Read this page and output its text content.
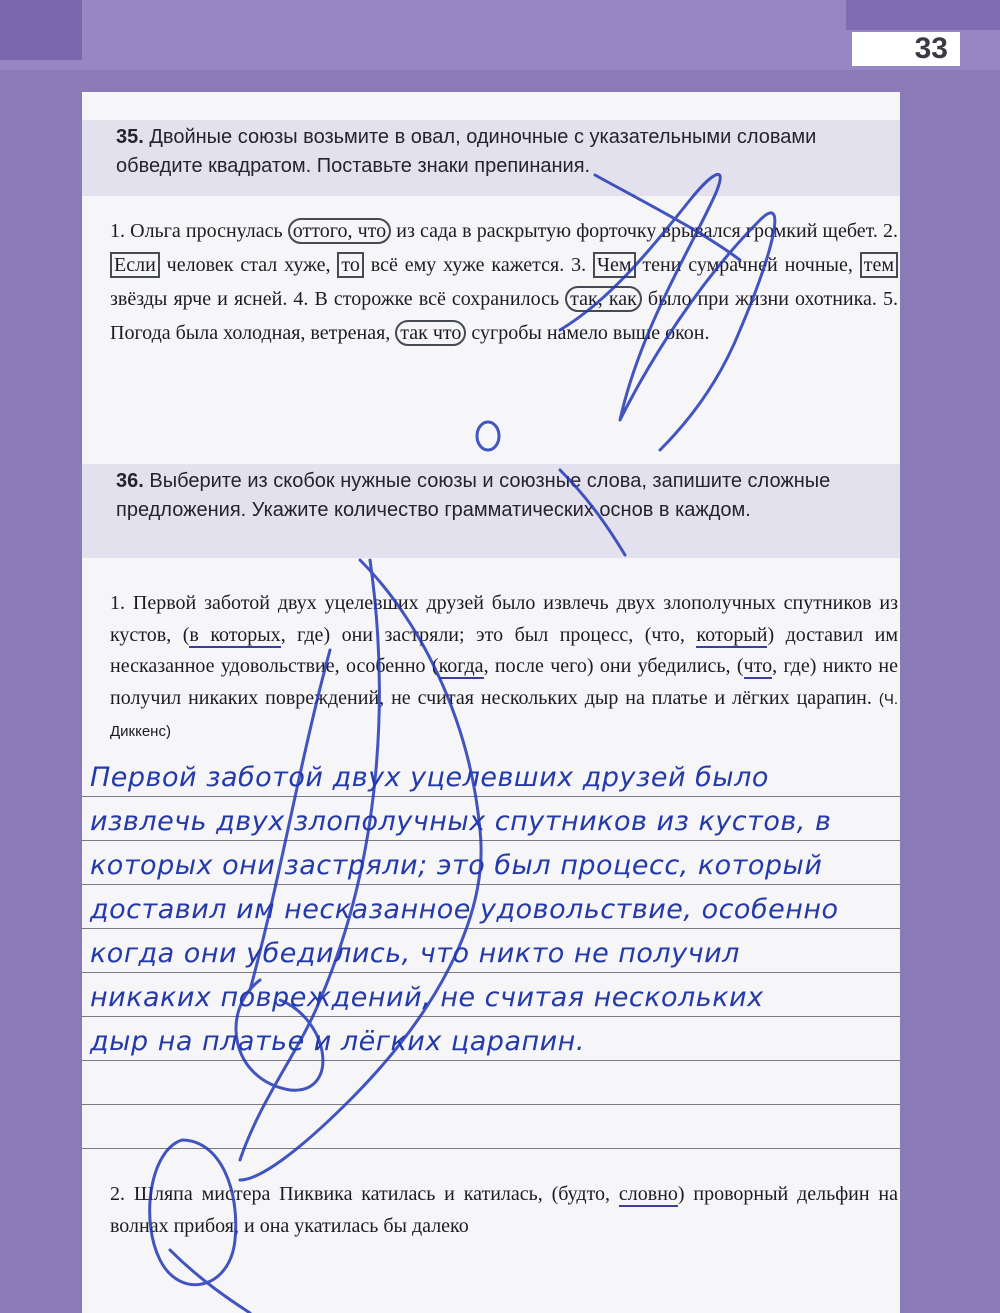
33

35. Двойные союзы возьмите в овал, одиночные с указательными словами обведите квадратом. Поставьте знаки препинания.

1. Ольга проснулась оттого, что из сада в раскрытую форточку врывался громкий щебет. 2. Если человек стал хуже, то всё ему хуже кажется. 3. Чем тени сумрачней ночные, тем звёзды ярче и ясней. 4. В сторожке всё сохранилось так, как было при жизни охотника. 5. Погода была холодная, ветреная, так что сугробы намело выше окон.

36. Выберите из скобок нужные союзы и союзные слова, запишите сложные предложения. Укажите количество грамматических основ в каждом.

1. Первой заботой двух уцелевших друзей было извлечь двух злополучных спутников из кустов, (в которых, где) они застряли; это был процесс, (что, который) доставил им несказанное удовольствие, особенно (когда, после чего) они убедились, (что, где) никто не получил никаких повреждений, не считая нескольких дыр на платье и лёгких царапин. (Ч. Диккенс)

Первой заботой двух уцелевших друзей было

извлечь двух злополучных спутников из кустов, в

которых они застряли; это был процесс, который

доставил им несказанное удовольствие, особенно

когда они убедились, что никто не получил

никаких повреждений, не считая нескольких

дыр на платье и лёгких царапин.

2. Шляпа мистера Пиквика катилась и катилась, (будто, словно) проворный дельфин на волнах прибоя, и она укатилась бы далеко
